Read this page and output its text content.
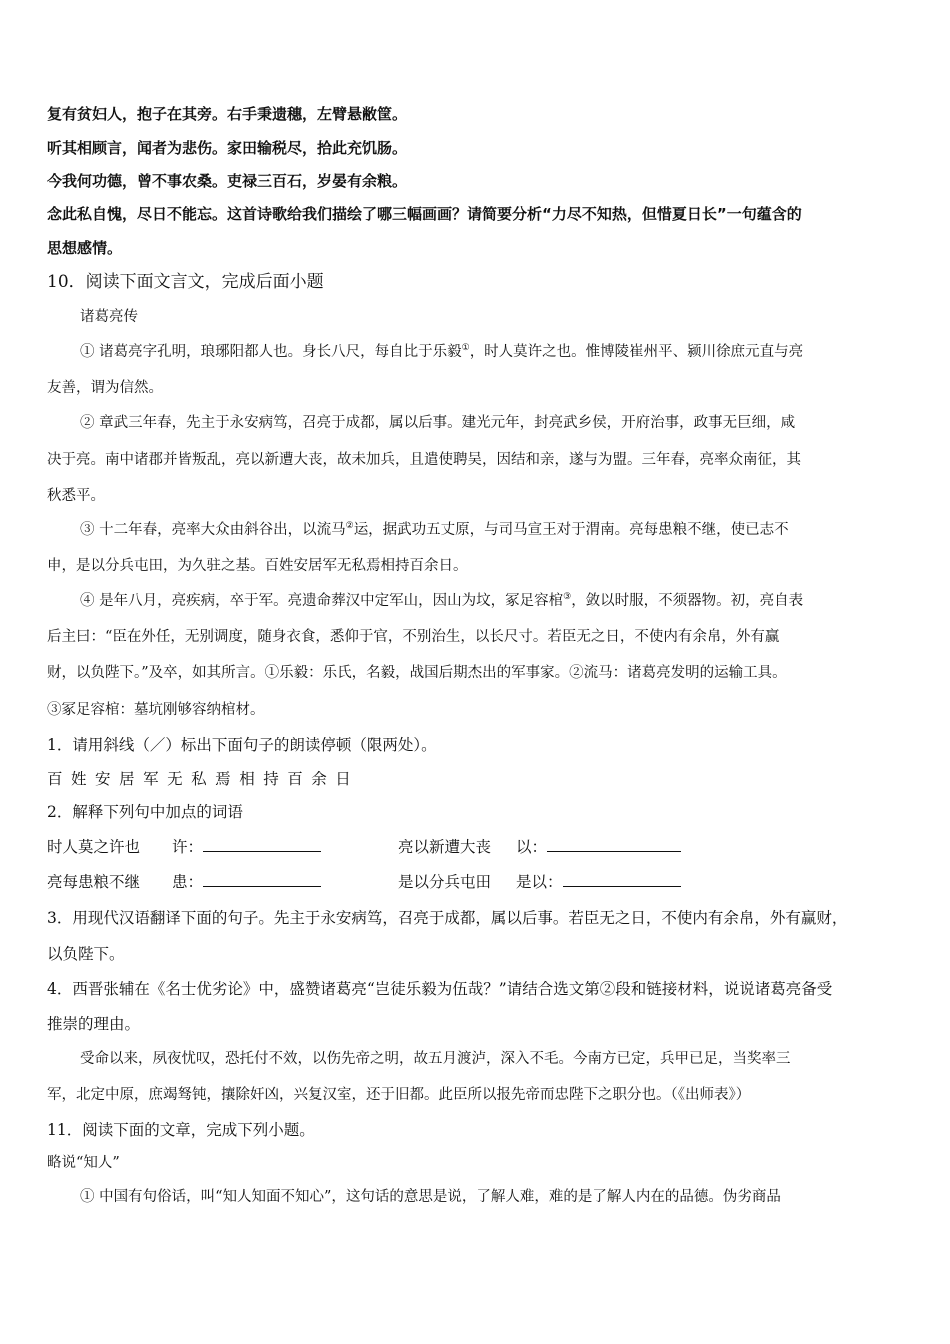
复有贫妇人，抱子在其旁。右手秉遗穗，左臂悬敝筐。
听其相顾言，闻者为悲伤。家田输税尽，拾此充饥肠。
今我何功德，曾不事农桑。吏禄三百石，岁晏有余粮。
念此私自愧，尽日不能忘。这首诗歌给我们描绘了哪三幅画画？请简要分析“力尽不知热，但惜夏日长”一句蕴含的
思想感情。
10．阅读下面文言文，完成后面小题
诸葛亮传
① 诸葛亮字孔明，琅琊阳都人也。身长八尺，每自比于乐毅①，时人莫许之也。惟博陵崔州平、颍川徐庶元直与亮
友善，谓为信然。
② 章武三年春，先主于永安病笃，召亮于成都，属以后事。建光元年，封亮武乡侯，开府治事，政事无巨细，咸
决于亮。南中诸郡并皆叛乱，亮以新遭大丧，故未加兵，且遣使聘吴，因结和亲，遂与为盟。三年春，亮率众南征，其
秋悉平。
③ 十二年春，亮率大众由斜谷出，以流马②运，据武功五丈原，与司马宣王对于渭南。亮每患粮不继，使已志不
申，是以分兵屯田，为久驻之基。百姓安居军无私焉相持百余日。
④ 是年八月，亮疾病，卒于军。亮遗命葬汉中定军山，因山为坟，冢足容棺③，敛以时服，不须器物。初，亮自表
后主曰：“臣在外任，无别调度，随身衣食，悉仰于官，不别治生，以长尺寸。若臣无之日，不使内有余帛，外有赢
财，以负陛下。”及卒，如其所言。①乐毅：乐氏，名毅，战国后期杰出的军事家。②流马：诸葛亮发明的运输工具。
③冢足容棺：墓坑刚够容纳棺材。
1．请用斜线（／）标出下面句子的朗读停顿（限两处）。
百姓安居军无私焉相持百余日
2．解释下列句中加点的词语
时人莫之许也 许：	亮以新遭大丧 以：
亮每患粮不继 患：	是以分兵屯田 是以：
3．用现代汉语翻译下面的句子。先主于永安病笃，召亮于成都，属以后事。若臣无之日，不使内有余帛，外有赢财，
以负陛下。
4．西晋张辅在《名士优劣论》中，盛赞诸葛亮“岂徒乐毅为伍哉？”请结合选文第②段和链接材料，说说诸葛亮备受
推崇的理由。
受命以来，夙夜忧叹，恐托付不效，以伤先帝之明，故五月渡泸，深入不毛。今南方已定，兵甲已足，当奖率三
军，北定中原，庶竭驽钝，攘除奸凶，兴复汉室，还于旧都。此臣所以报先帝而忠陛下之职分也。（《出师表》）
11．阅读下面的文章，完成下列小题。
略说“知人”
① 中国有句俗话，叫“知人知面不知心”，这句话的意思是说，了解人难，难的是了解人内在的品德。伪劣商品
